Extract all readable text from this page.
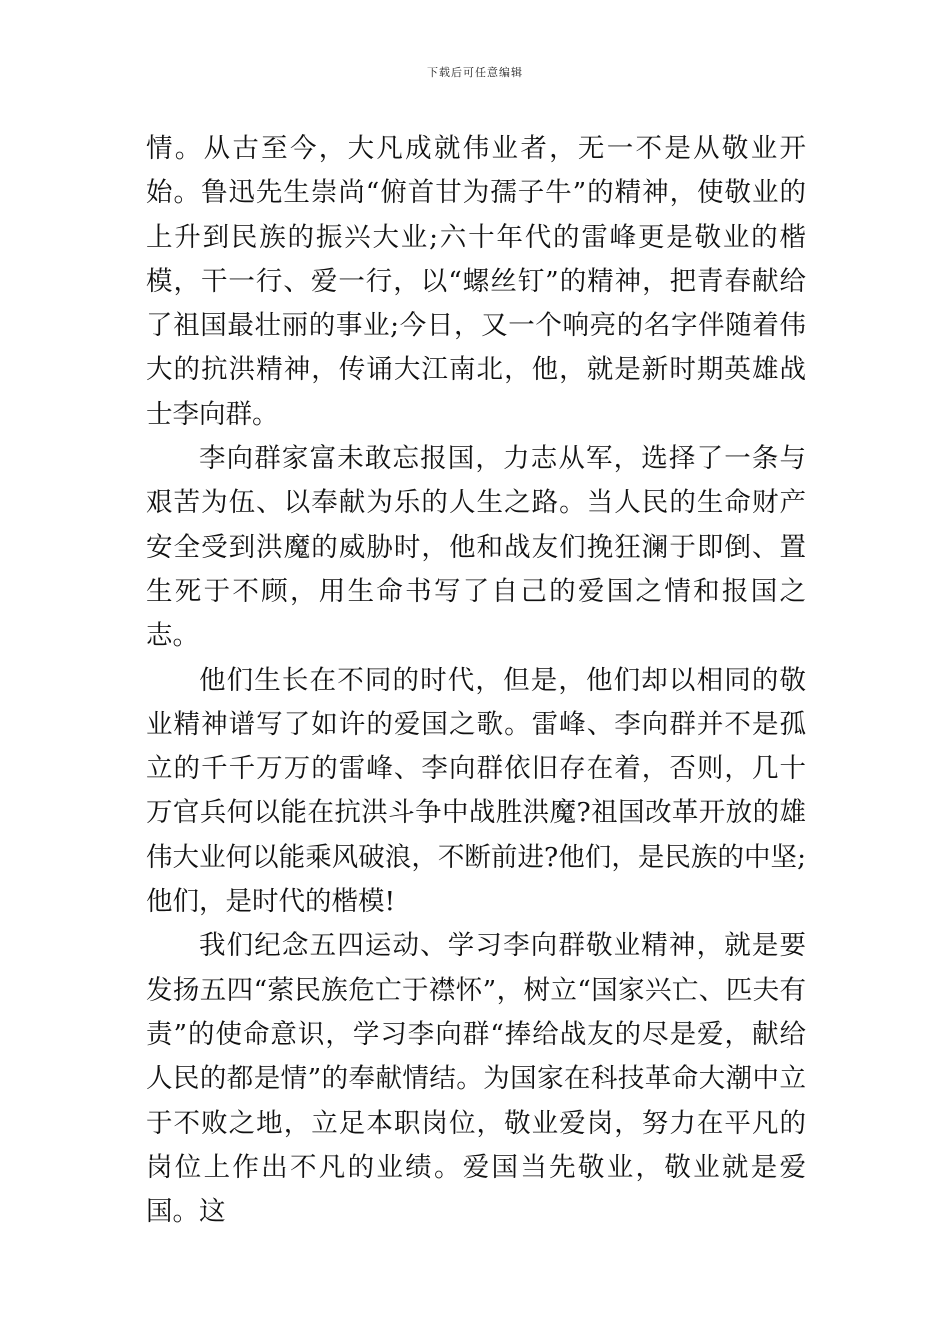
下载后可任意编辑

情。从古至今，大凡成就伟业者，无一不是从敬业开始。鲁迅先生崇尚“俯首甘为孺子牛”的精神，使敬业的上升到民族的振兴大业;六十年代的雷峰更是敬业的楷模，干一行、爱一行，以“螺丝钉”的精神，把青春献给了祖国最壮丽的事业;今日，又一个响亮的名字伴随着伟大的抗洪精神，传诵大江南北，他，就是新时期英雄战士李向群。

李向群家富未敢忘报国，力志从军，选择了一条与艰苦为伍、以奉献为乐的人生之路。当人民的生命财产安全受到洪魔的威胁时，他和战友们挽狂澜于即倒、置生死于不顾，用生命书写了自己的爱国之情和报国之志。

他们生长在不同的时代，但是，他们却以相同的敬业精神谱写了如许的爱国之歌。雷峰、李向群并不是孤立的千千万万的雷峰、李向群依旧存在着，否则，几十万官兵何以能在抗洪斗争中战胜洪魔?祖国改革开放的雄伟大业何以能乘风破浪，不断前进?他们，是民族的中坚;他们，是时代的楷模!

我们纪念五四运动、学习李向群敬业精神，就是要发扬五四“萦民族危亡于襟怀”，树立“国家兴亡、匹夫有责”的使命意识，学习李向群“捧给战友的尽是爱，献给人民的都是情”的奉献情结。为国家在科技革命大潮中立于不败之地，立足本职岗位，敬业爱岗，努力在平凡的岗位上作出不凡的业绩。爱国当先敬业，敬业就是爱国。这
